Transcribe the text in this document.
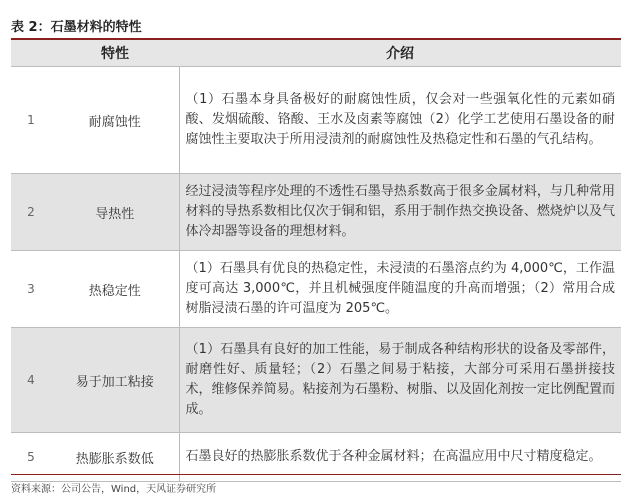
表 2：石墨材料的特性
	特性	介绍
1	耐腐蚀性	（1）石墨本身具备极好的耐腐蚀性质，仅会对一些强氧化性的元素如硝酸、发烟硫酸、铬酸、王水及卤素等腐蚀（2）化学工艺使用石墨设备的耐腐蚀性主要取决于所用浸渍剂的耐腐蚀性及热稳定性和石墨的气孔结构。
2	导热性	经过浸渍等程序处理的不透性石墨导热系数高于很多金属材料，与几种常用材料的导热系数相比仅次于铜和铝，系用于制作热交换设备、燃烧炉以及气体冷却器等设备的理想材料。
3	热稳定性	（1）石墨具有优良的热稳定性，未浸渍的石墨溶点约为 4,000℃，工作温度可高达 3,000℃，并且机械强度伴随温度的升高而增强；（2）常用合成树脂浸渍石墨的许可温度为 205℃。
4	易于加工粘接	（1）石墨具有良好的加工性能，易于制成各种结构形状的设备及零部件，耐磨性好、质量轻；（2）石墨之间易于粘接，大部分可采用石墨拼接技术，维修保养简易。粘接剂为石墨粉、树脂、以及固化剂按一定比例配置而成。
5	热膨胀系数低	石墨良好的热膨胀系数优于各种金属材料；在高温应用中尺寸精度稳定。
资料来源：公司公告，Wind，天风证券研究所
